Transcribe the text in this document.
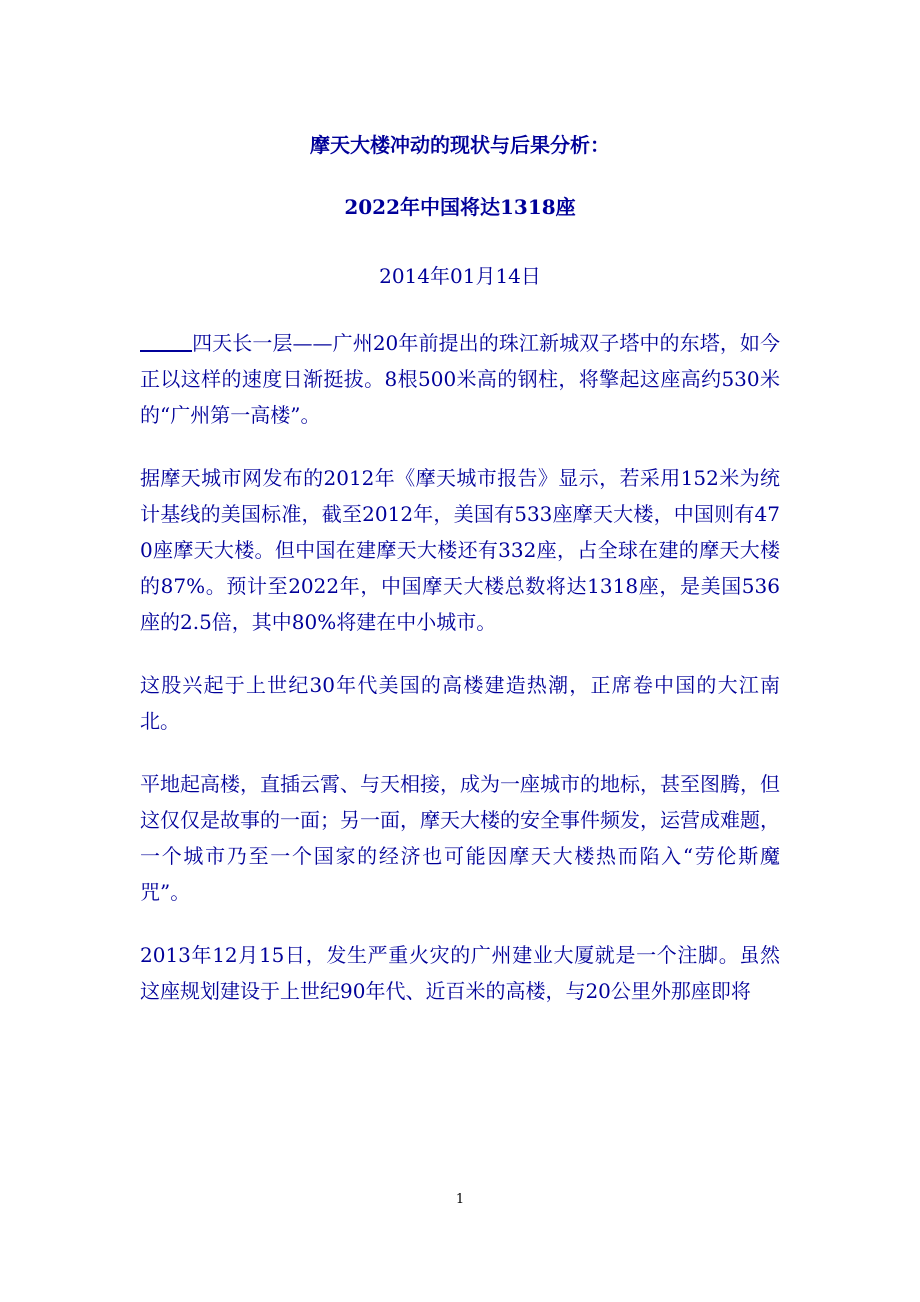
摩天大楼冲动的现状与后果分析：
2022年中国将达1318座

2014年01月14日

四天长一层——广州20年前提出的珠江新城双子塔中的东塔，如今正以这样的速度日渐挺拔。8根500米高的钢柱，将擎起这座高约530米的“广州第一高楼”。

据摩天城市网发布的2012年《摩天城市报告》显示，若采用152米为统计基线的美国标准，截至2012年，美国有533座摩天大楼，中国则有470座摩天大楼。但中国在建摩天大楼还有332座，占全球在建的摩天大楼的87%。预计至2022年，中国摩天大楼总数将达1318座，是美国536座的2.5倍，其中80%将建在中小城市。

这股兴起于上世纪30年代美国的高楼建造热潮，正席卷中国的大江南北。

平地起高楼，直插云霄、与天相接，成为一座城市的地标，甚至图腾，但这仅仅是故事的一面；另一面，摩天大楼的安全事件频发，运营成难题，一个城市乃至一个国家的经济也可能因摩天大楼热而陷入“劳伦斯魔咒”。

2013年12月15日，发生严重火灾的广州建业大厦就是一个注脚。虽然这座规划建设于上世纪90年代、近百米的高楼，与20公里外那座即将

1
